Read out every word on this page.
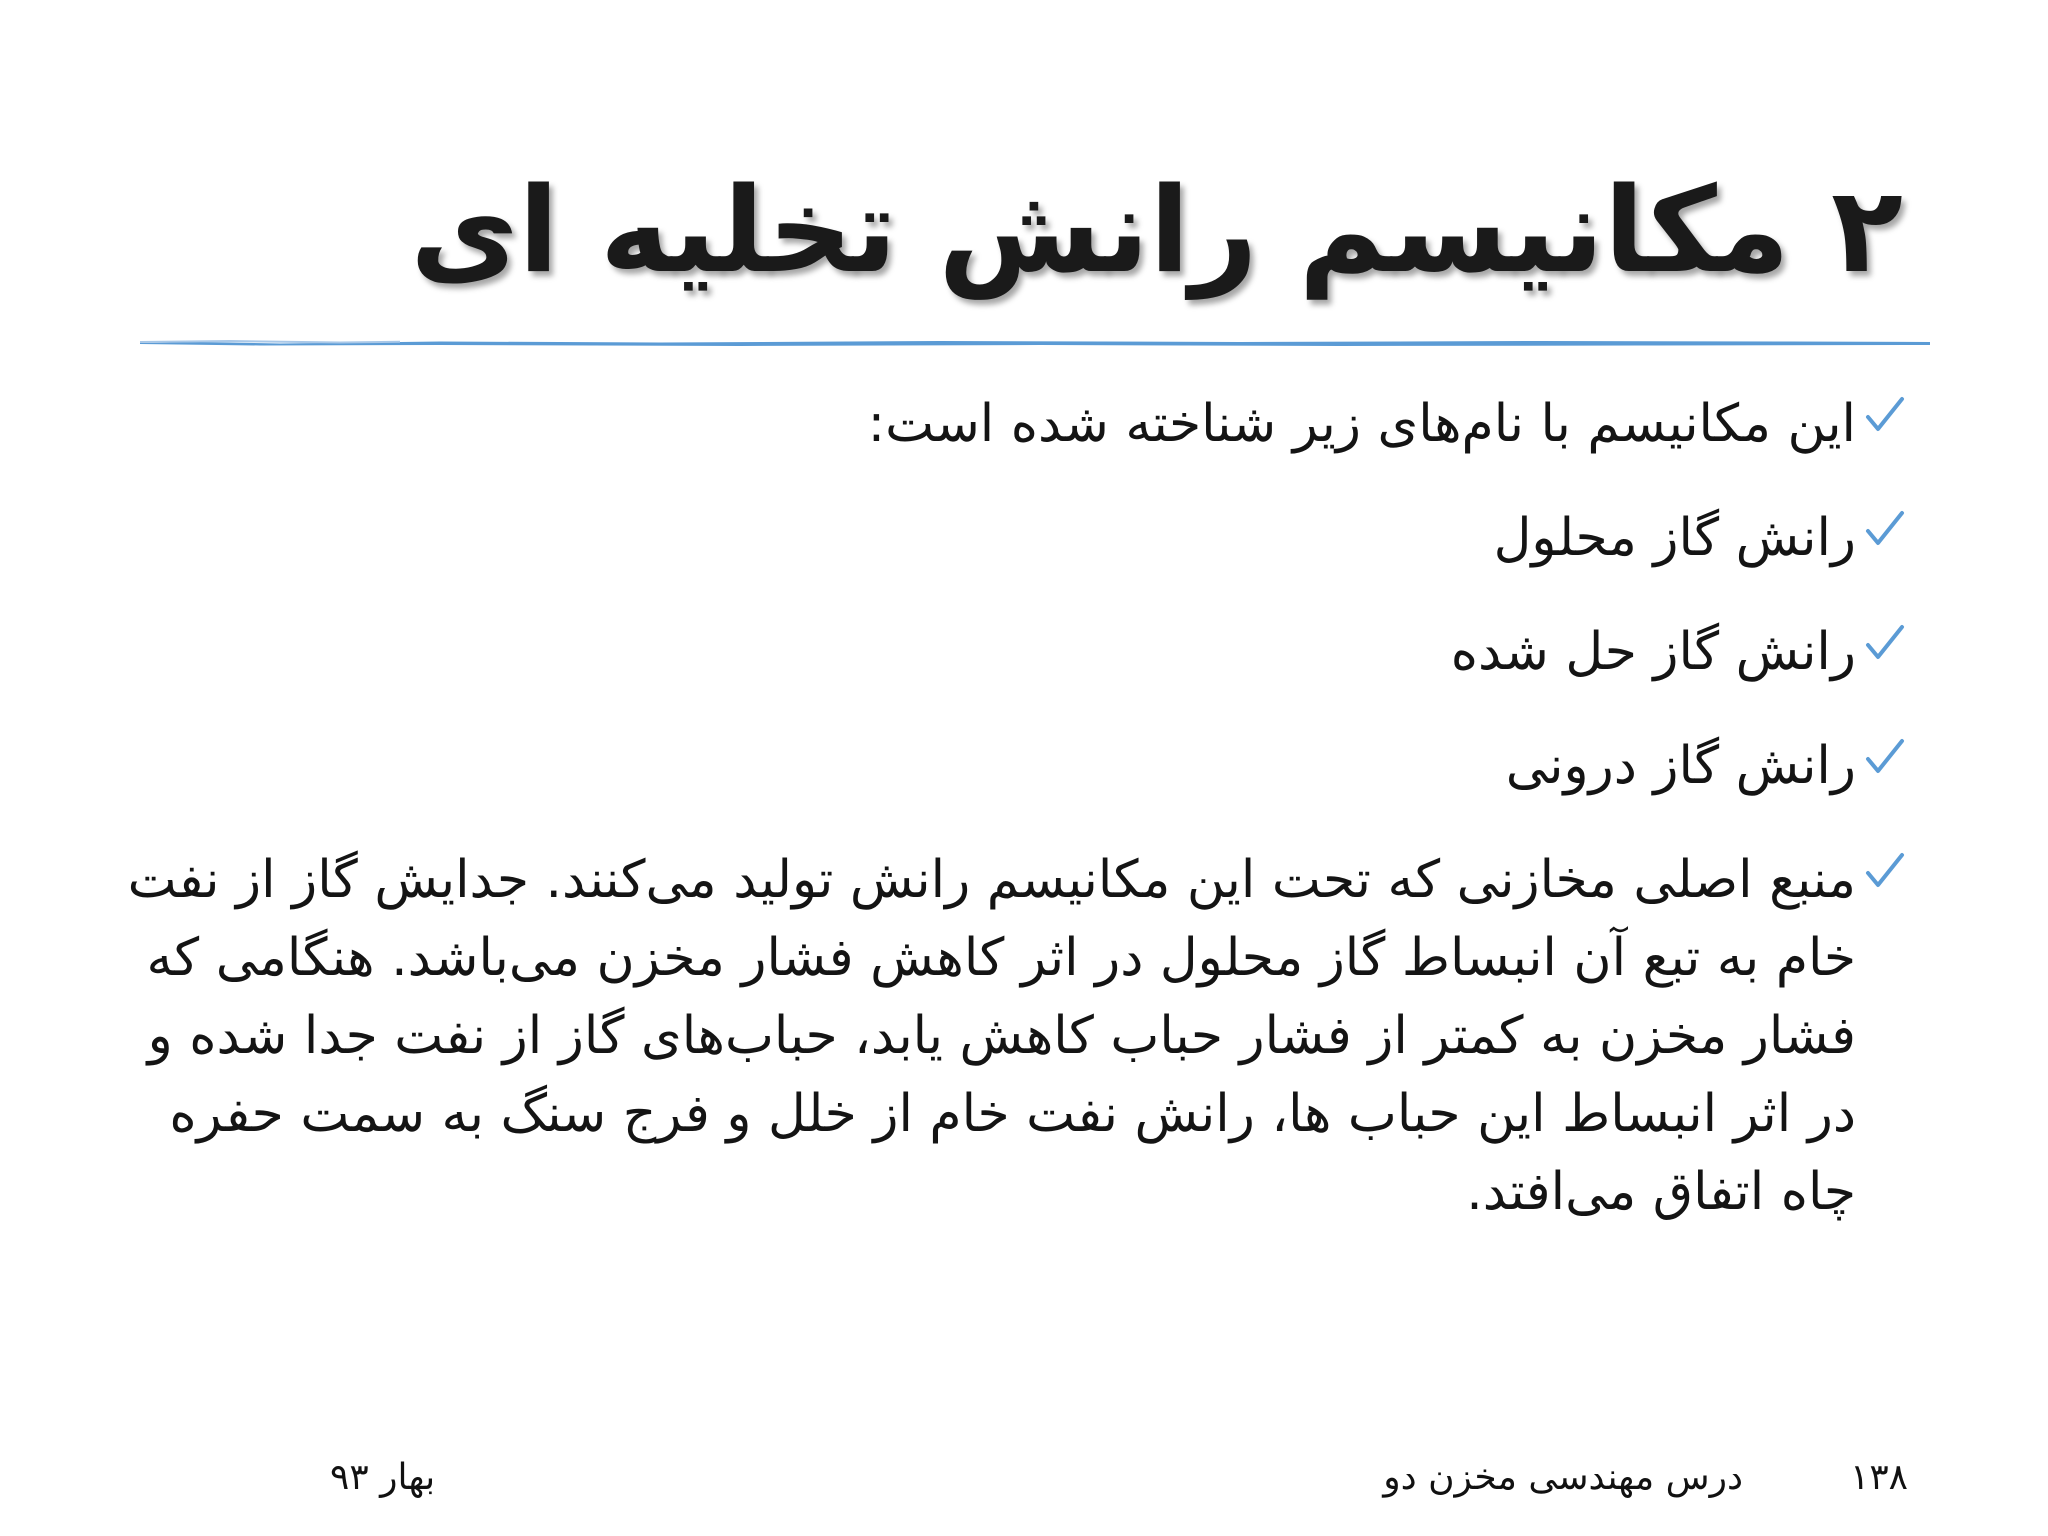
۲ مکانیسم رانش تخلیه ای
این مکانیسم با نام‌های زیر شناخته شده است:
رانش گاز محلول
رانش گاز حل شده
رانش گاز درونی
منبع اصلی مخازنی که تحت این مکانیسم رانش تولید می‌کنند. جدایش گاز از نفت خام به تبع آن انبساط گاز محلول در اثر کاهش فشار مخزن می‌باشد. هنگامی که فشار مخزن به کمتر از فشار حباب کاهش یابد، حباب‌های گاز از نفت جدا شده و در اثر انبساط این حباب ها، رانش نفت خام از خلل و فرج سنگ به سمت حفره چاه اتفاق می‌افتد.
۱۳۸
درس مهندسی مخزن دو
بهار ۹۳
